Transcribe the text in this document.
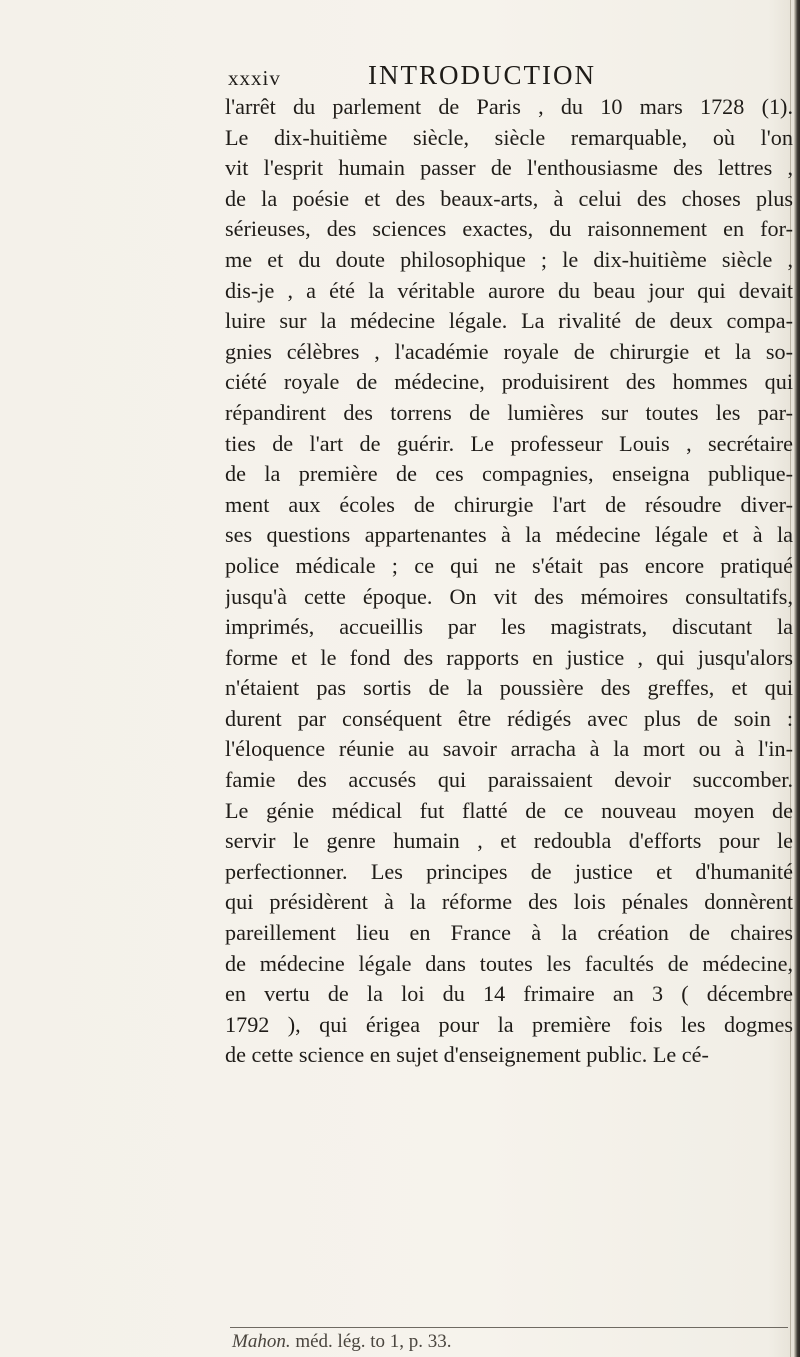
xxxiv	INTRODUCTION
l'arrêt du parlement de Paris , du 10 mars 1728 (1).
Le dix-huitième siècle, siècle remarquable, où l'on
vit l'esprit humain passer de l'enthousiasme des lettres ,
de la poésie et des beaux-arts, à celui des choses plus
sérieuses, des sciences exactes, du raisonnement en for-
me et du doute philosophique ; le dix-huitième siècle ,
dis-je , a été la véritable aurore du beau jour qui devait
luire sur la médecine légale. La rivalité de deux compa-
gnies célèbres , l'académie royale de chirurgie et la so-
ciété royale de médecine, produisirent des hommes qui
répandirent des torrens de lumières sur toutes les par-
ties de l'art de guérir. Le professeur Louis , secrétaire
de la première de ces compagnies, enseigna publique-
ment aux écoles de chirurgie l'art de résoudre diver-
ses questions appartenantes à la médecine légale et à la
police médicale ; ce qui ne s'était pas encore pratiqué
jusqu'à cette époque. On vit des mémoires consultatifs,
imprimés, accueillis par les magistrats, discutant la
forme et le fond des rapports en justice , qui jusqu'alors
n'étaient pas sortis de la poussière des greffes, et qui
durent par conséquent être rédigés avec plus de soin :
l'éloquence réunie au savoir arracha à la mort ou à l'in-
famie des accusés qui paraissaient devoir succomber.
Le génie médical fut flatté de ce nouveau moyen de
servir le genre humain , et redoubla d'efforts pour le
perfectionner. Les principes de justice et d'humanité
qui présidèrent à la réforme des lois pénales donnèrent
pareillement lieu en France à la création de chaires
de médecine légale dans toutes les facultés de médecine,
en vertu de la loi du 14 frimaire an 3 ( décembre
1792 ), qui érigea pour la première fois les dogmes
de cette science en sujet d'enseignement public. Le cé-
Mahon. méd. lég. to 1, p. 33.
